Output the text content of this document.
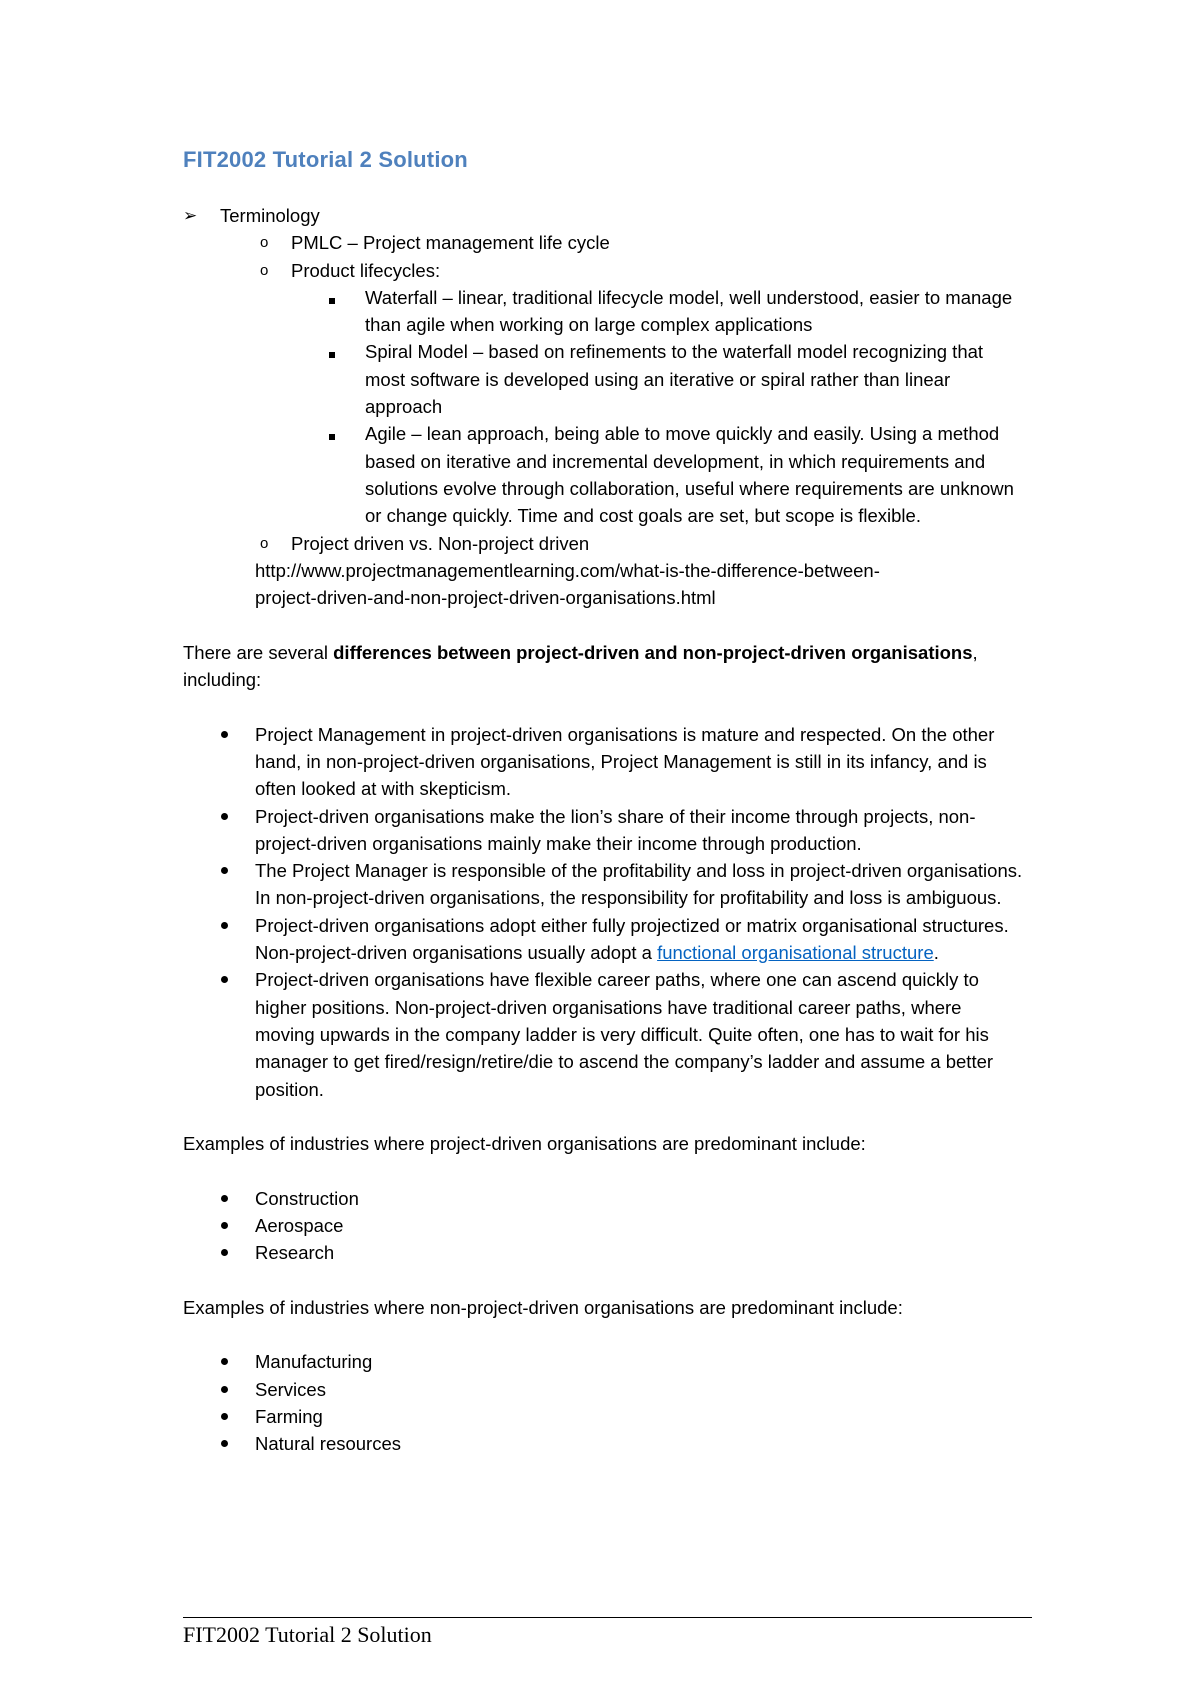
FIT2002 Tutorial 2 Solution
➢ Terminology
o PMLC – Project management life cycle
o Product lifecycles:
Waterfall – linear, traditional lifecycle model, well understood, easier to manage than agile when working on large complex applications
Spiral Model – based on refinements to the waterfall model recognizing that most software is developed using an iterative or spiral rather than linear approach
Agile – lean approach, being able to move quickly and easily. Using a method based on iterative and incremental development, in which requirements and solutions evolve through collaboration, useful where requirements are unknown or change quickly. Time and cost goals are set, but scope is flexible.
o Project driven vs. Non-project driven
http://www.projectmanagementlearning.com/what-is-the-difference-between-
project-driven-and-non-project-driven-organisations.html

There are several differences between project-driven and non-project-driven organisations, including:

Project Management in project-driven organisations is mature and respected. On the other hand, in non-project-driven organisations, Project Management is still in its infancy, and is often looked at with skepticism.
Project-driven organisations make the lion’s share of their income through projects, non-project-driven organisations mainly make their income through production.
The Project Manager is responsible of the profitability and loss in project-driven organisations. In non-project-driven organisations, the responsibility for profitability and loss is ambiguous.
Project-driven organisations adopt either fully projectized or matrix organisational structures. Non-project-driven organisations usually adopt a functional organisational structure.
Project-driven organisations have flexible career paths, where one can ascend quickly to higher positions. Non-project-driven organisations have traditional career paths, where moving upwards in the company ladder is very difficult. Quite often, one has to wait for his manager to get fired/resign/retire/die to ascend the company’s ladder and assume a better position.

Examples of industries where project-driven organisations are predominant include:

Construction
Aerospace
Research

Examples of industries where non-project-driven organisations are predominant include:

Manufacturing
Services
Farming
Natural resources
FIT2002 Tutorial 2 Solution
